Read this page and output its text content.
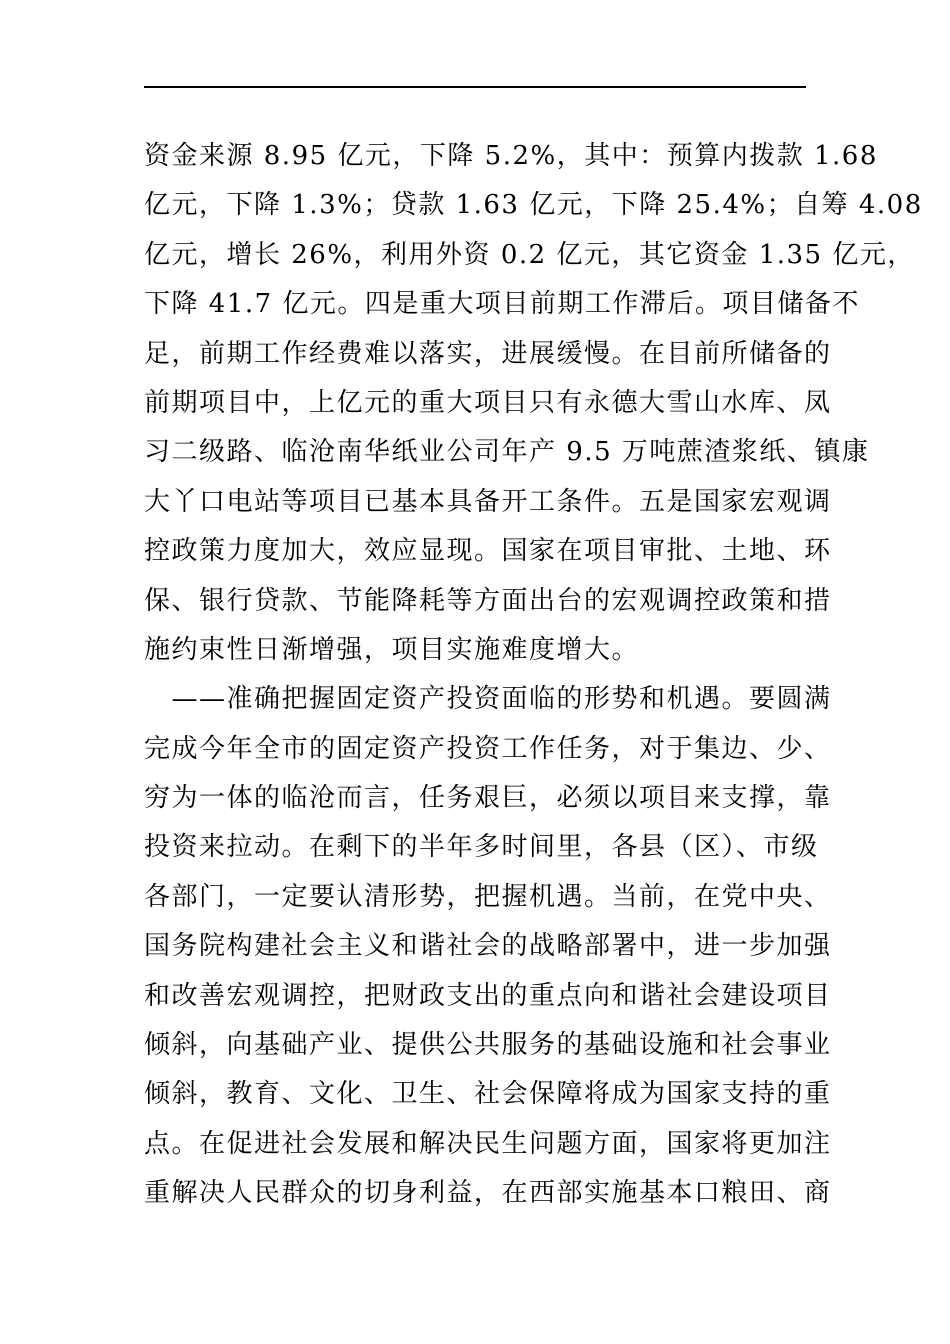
资金来源 8.95 亿元，下降 5.2%，其中：预算内拨款 1.68
亿元，下降 1.3%；贷款 1.63 亿元，下降 25.4%；自筹 4.08
亿元，增长 26%，利用外资 0.2 亿元，其它资金 1.35 亿元，
下降 41.7 亿元。四是重大项目前期工作滞后。项目储备不
足，前期工作经费难以落实，进展缓慢。在目前所储备的
前期项目中，上亿元的重大项目只有永德大雪山水库、凤
习二级路、临沧南华纸业公司年产 9.5 万吨蔗渣浆纸、镇康
大丫口电站等项目已基本具备开工条件。五是国家宏观调
控政策力度加大，效应显现。国家在项目审批、土地、环
保、银行贷款、节能降耗等方面出台的宏观调控政策和措
施约束性日渐增强，项目实施难度增大。
　——准确把握固定资产投资面临的形势和机遇。要圆满
完成今年全市的固定资产投资工作任务，对于集边、少、
穷为一体的临沧而言，任务艰巨，必须以项目来支撑，靠
投资来拉动。在剩下的半年多时间里，各县（区）、市级
各部门，一定要认清形势，把握机遇。当前，在党中央、
国务院构建社会主义和谐社会的战略部署中，进一步加强
和改善宏观调控，把财政支出的重点向和谐社会建设项目
倾斜，向基础产业、提供公共服务的基础设施和社会事业
倾斜，教育、文化、卫生、社会保障将成为国家支持的重
点。在促进社会发展和解决民生问题方面，国家将更加注
重解决人民群众的切身利益，在西部实施基本口粮田、商
